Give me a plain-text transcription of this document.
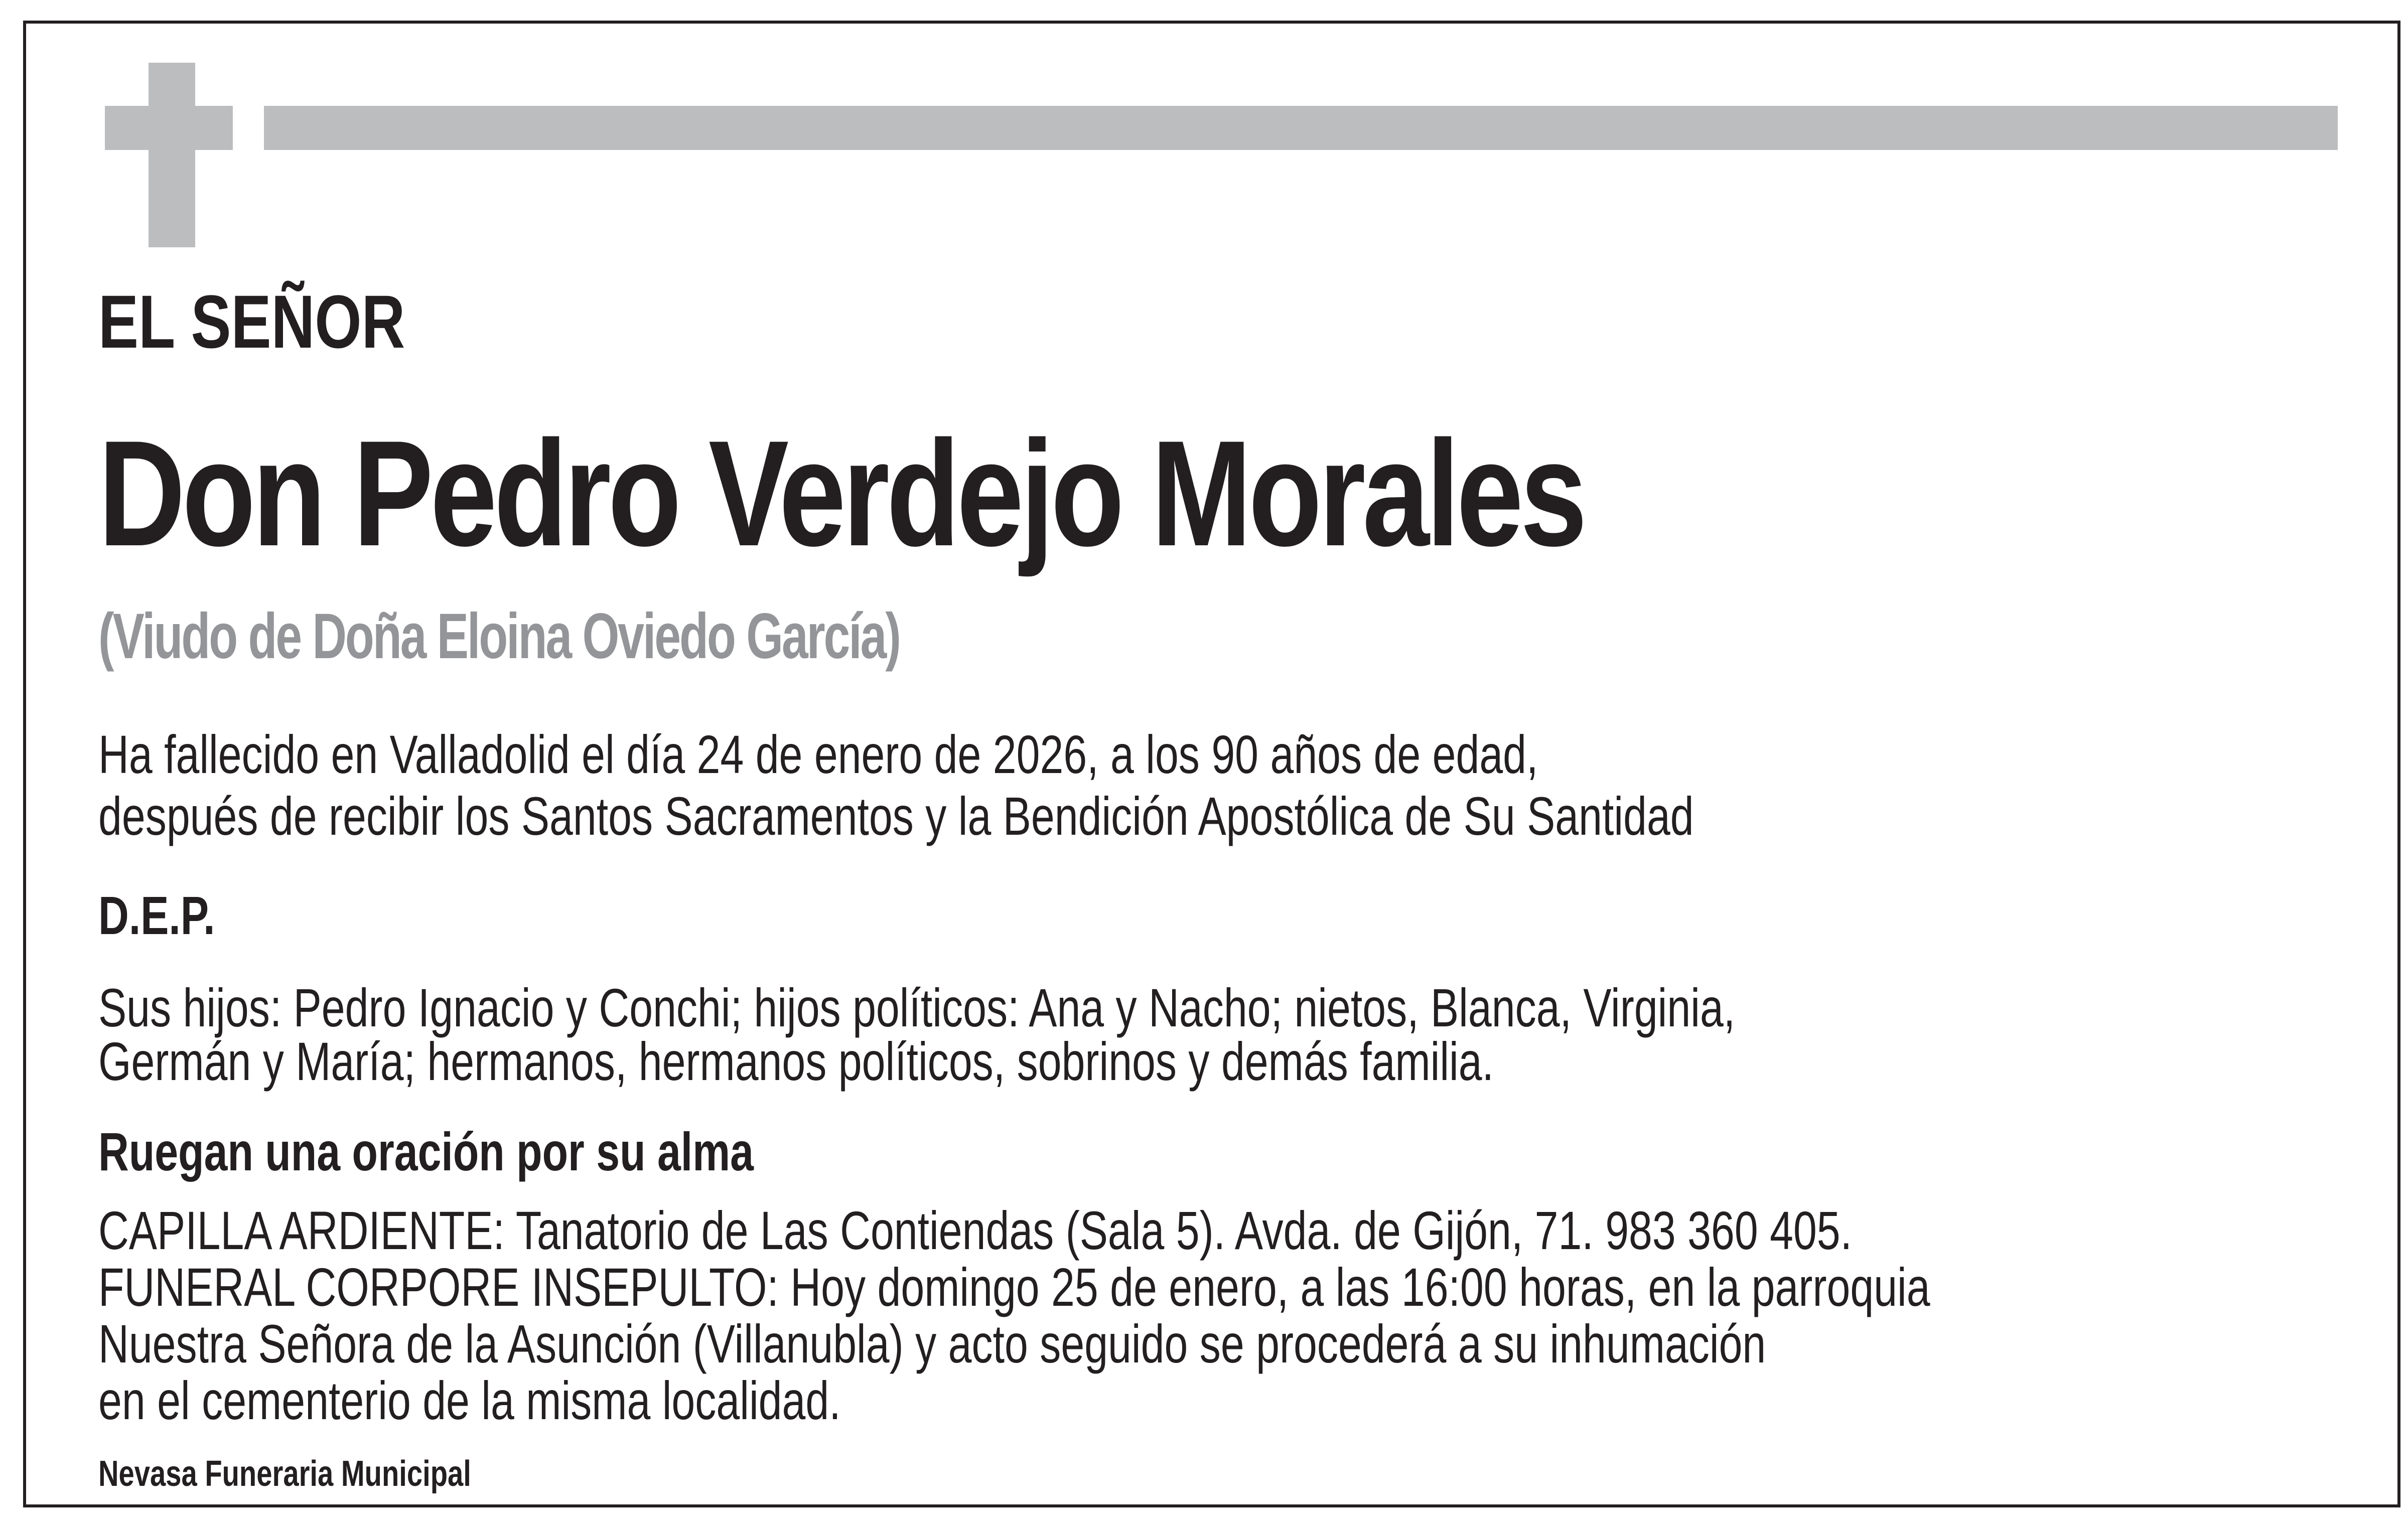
EL SEÑOR
Don Pedro Verdejo Morales
(Viudo de Doña Eloina Oviedo García)
Ha fallecido en Valladolid el día 24 de enero de 2026, a los 90 años de edad,
después de recibir los Santos Sacramentos y la Bendición Apostólica de Su Santidad
D.E.P.
Sus hijos: Pedro Ignacio y Conchi; hijos políticos: Ana y Nacho; nietos, Blanca, Virginia,
Germán y María; hermanos, hermanos políticos, sobrinos y demás familia.
Ruegan una oración por su alma
CAPILLA ARDIENTE: Tanatorio de Las Contiendas (Sala 5). Avda. de Gijón, 71. 983 360 405.
FUNERAL CORPORE INSEPULTO: Hoy domingo 25 de enero, a las 16:00 horas, en la parroquia
Nuestra Señora de la Asunción (Villanubla) y acto seguido se procederá a su inhumación
en el cementerio de la misma localidad.
Nevasa Funeraria Municipal
